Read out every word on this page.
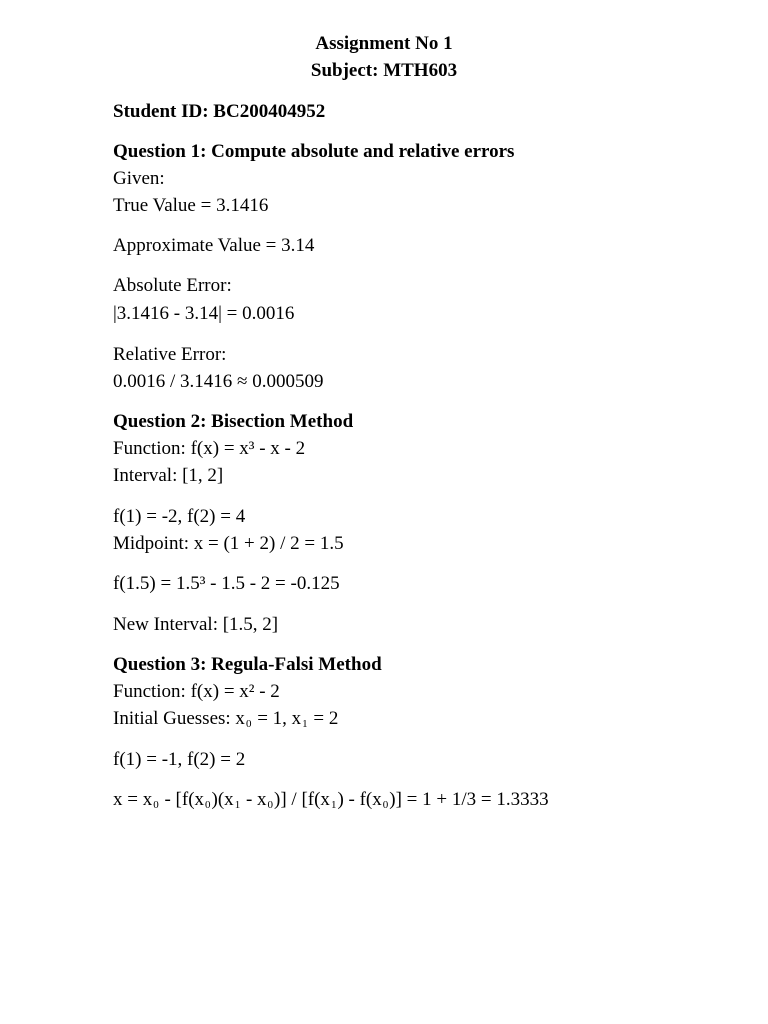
Assignment No 1
Subject: MTH603
Student ID: BC200404952
Question 1: Compute absolute and relative errors
Given:
True Value = 3.1416
Approximate Value = 3.14
Absolute Error:
|3.1416 - 3.14| = 0.0016
Relative Error:
0.0016 / 3.1416 ≈ 0.000509
Question 2: Bisection Method
Function: f(x) = x³ - x - 2
Interval: [1, 2]
f(1) = -2, f(2) = 4
Midpoint: x = (1 + 2) / 2 = 1.5
f(1.5) = 1.5³ - 1.5 - 2 = -0.125
New Interval: [1.5, 2]
Question 3: Regula-Falsi Method
Function: f(x) = x² - 2
Initial Guesses: $x_0 = 1$, $x_1 = 2$
f(1) = -1, f(2) = 2
$x = x_0 - [f(x_0)(x_1 - x_0)] / [f(x_1) - f(x_0)] = 1 + 1/3 = 1.3333$
